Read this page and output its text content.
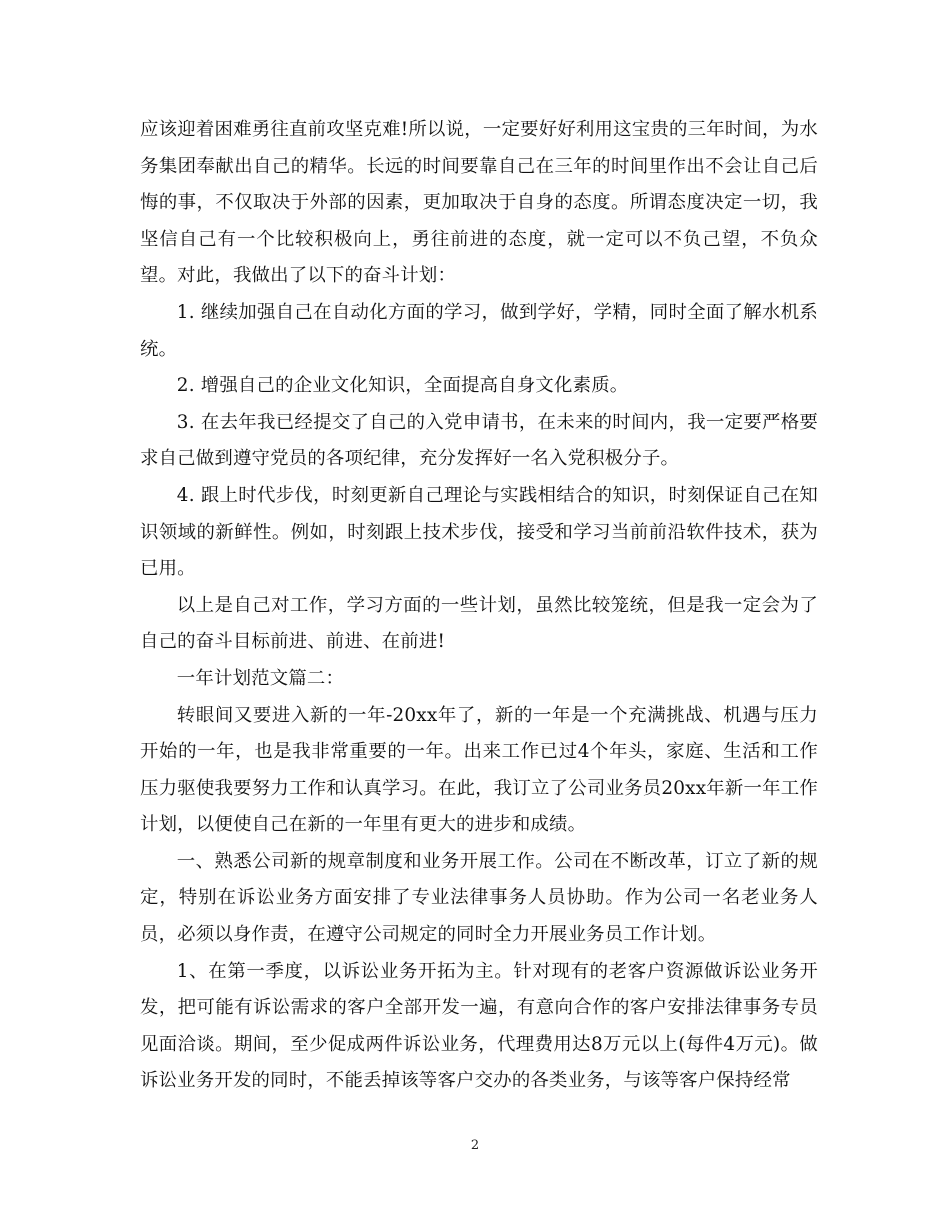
应该迎着困难勇往直前攻坚克难!所以说，一定要好好利用这宝贵的三年时间，为水务集团奉献出自己的精华。长远的时间要靠自己在三年的时间里作出不会让自己后悔的事，不仅取决于外部的因素，更加取决于自身的态度。所谓态度决定一切，我坚信自己有一个比较积极向上，勇往前进的态度，就一定可以不负己望，不负众望。对此，我做出了以下的奋斗计划：

1. 继续加强自己在自动化方面的学习，做到学好，学精，同时全面了解水机系统。

2. 增强自己的企业文化知识，全面提高自身文化素质。

3. 在去年我已经提交了自己的入党申请书，在未来的时间内，我一定要严格要求自己做到遵守党员的各项纪律，充分发挥好一名入党积极分子。

4. 跟上时代步伐，时刻更新自己理论与实践相结合的知识，时刻保证自己在知识领域的新鲜性。例如，时刻跟上技术步伐，接受和学习当前前沿软件技术，获为已用。

以上是自己对工作，学习方面的一些计划，虽然比较笼统，但是我一定会为了自己的奋斗目标前进、前进、在前进!

一年计划范文篇二：

转眼间又要进入新的一年-20xx年了，新的一年是一个充满挑战、机遇与压力开始的一年，也是我非常重要的一年。出来工作已过4个年头，家庭、生活和工作压力驱使我要努力工作和认真学习。在此，我订立了公司业务员20xx年新一年工作计划，以便使自己在新的一年里有更大的进步和成绩。

一、熟悉公司新的规章制度和业务开展工作。公司在不断改革，订立了新的规定，特别在诉讼业务方面安排了专业法律事务人员协助。作为公司一名老业务人员，必须以身作责，在遵守公司规定的同时全力开展业务员工作计划。

1、在第一季度，以诉讼业务开拓为主。针对现有的老客户资源做诉讼业务开发，把可能有诉讼需求的客户全部开发一遍，有意向合作的客户安排法律事务专员见面洽谈。期间，至少促成两件诉讼业务，代理费用达8万元以上(每件4万元)。做诉讼业务开发的同时，不能丢掉该等客户交办的各类业务，与该等客户保持经常

2
